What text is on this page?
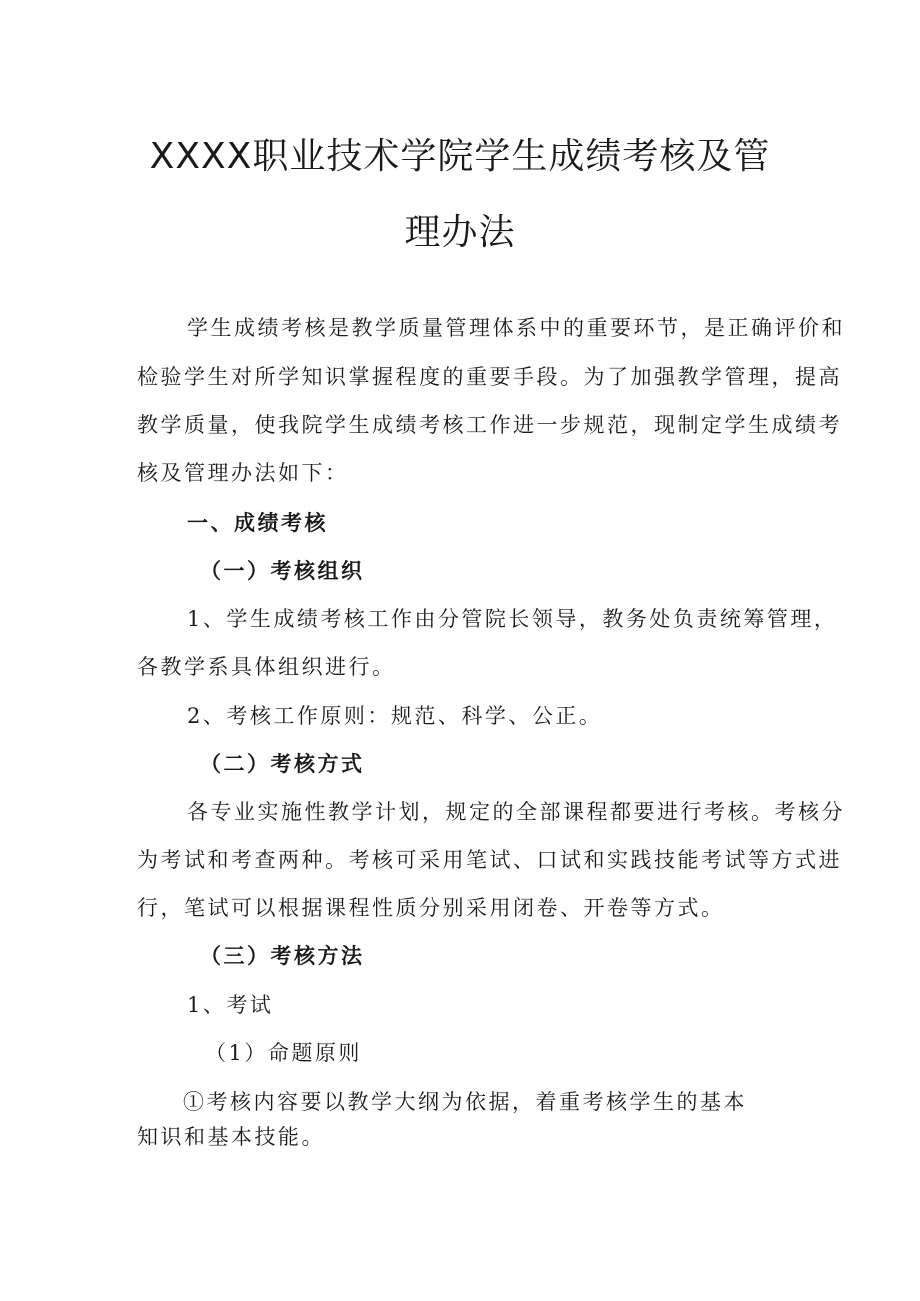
XXXX职业技术学院学生成绩考核及管
理办法

学生成绩考核是教学质量管理体系中的重要环节，是正确评价和

检验学生对所学知识掌握程度的重要手段。为了加强教学管理，提高

教学质量，使我院学生成绩考核工作进一步规范，现制定学生成绩考

核及管理办法如下：

一、成绩考核

（一）考核组织

1、学生成绩考核工作由分管院长领导，教务处负责统筹管理，

各教学系具体组织进行。

2、考核工作原则：规范、科学、公正。

（二）考核方式

各专业实施性教学计划，规定的全部课程都要进行考核。考核分

为考试和考查两种。考核可采用笔试、口试和实践技能考试等方式进

行，笔试可以根据课程性质分别采用闭卷、开卷等方式。

（三）考核方法

1、考试

（1）命题原则

①考核内容要以教学大纲为依据，着重考核学生的基本

知识和基本技能。
